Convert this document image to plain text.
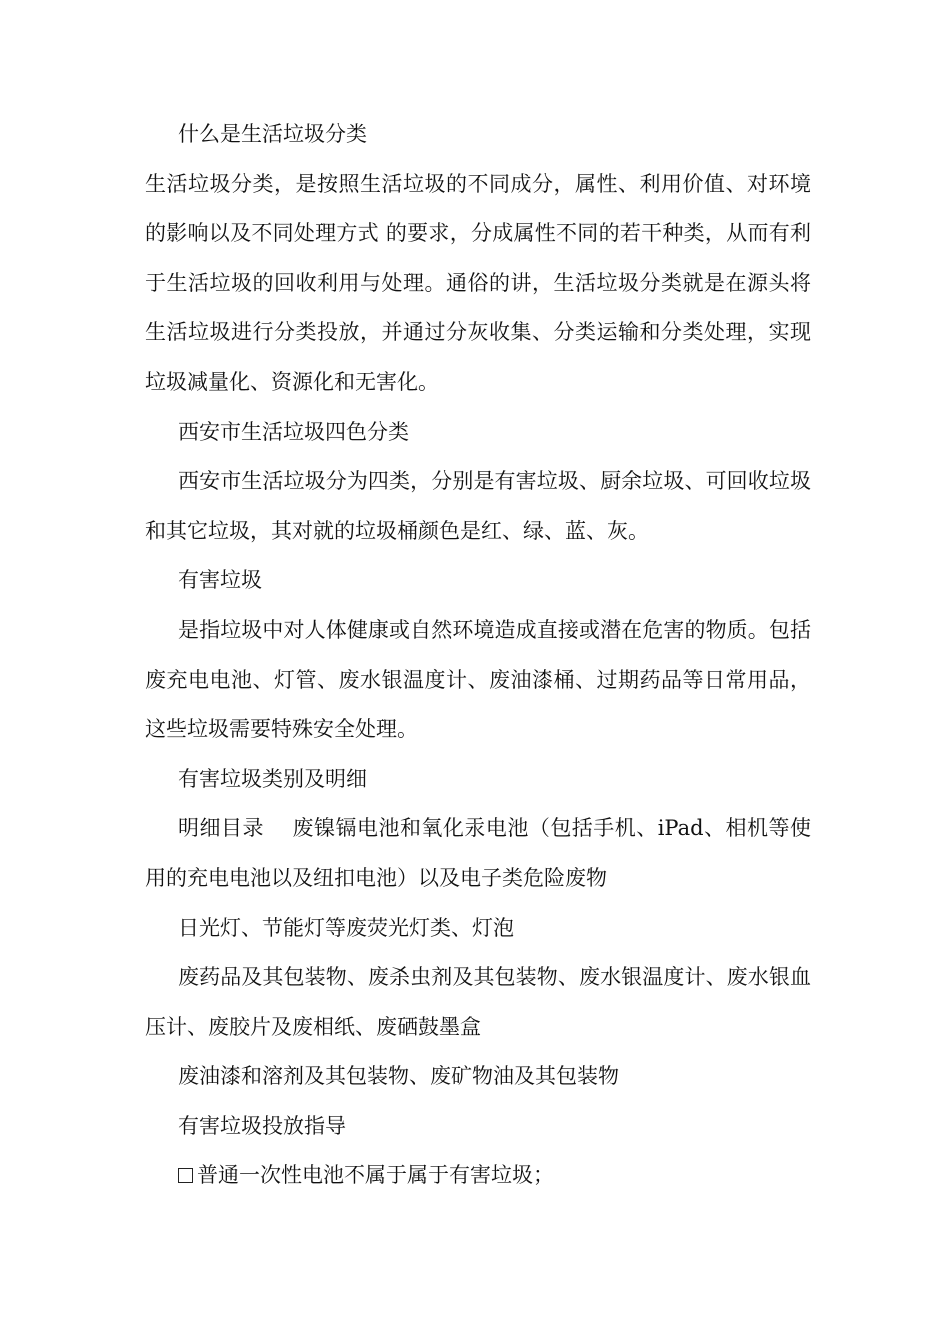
什么是生活垃圾分类

生活垃圾分类，是按照生活垃圾的不同成分，属性、利用价值、对环境的影响以及不同处理方式 的要求，分成属性不同的若干种类，从而有利于生活垃圾的回收利用与处理。通俗的讲，生活垃圾分类就是在源头将生活垃圾进行分类投放，并通过分灰收集、分类运输和分类处理，实现垃圾减量化、资源化和无害化。

西安市生活垃圾四色分类

西安市生活垃圾分为四类，分别是有害垃圾、厨余垃圾、可回收垃圾和其它垃圾，其对就的垃圾桶颜色是红、绿、蓝、灰。

有害垃圾

是指垃圾中对人体健康或自然环境造成直接或潜在危害的物质。包括废充电电池、灯管、废水银温度计、废油漆桶、过期药品等日常用品，这些垃圾需要特殊安全处理。

有害垃圾类别及明细

明细目录    废镍镉电池和氧化汞电池（包括手机、iPad、相机等使用的充电电池以及纽扣电池）以及电子类危险废物

日光灯、节能灯等废荧光灯类、灯泡

废药品及其包装物、废杀虫剂及其包装物、废水银温度计、废水银血压计、废胶片及废相纸、废硒鼓墨盒

废油漆和溶剂及其包装物、废矿物油及其包装物

有害垃圾投放指导

普通一次性电池不属于属于有害垃圾；
